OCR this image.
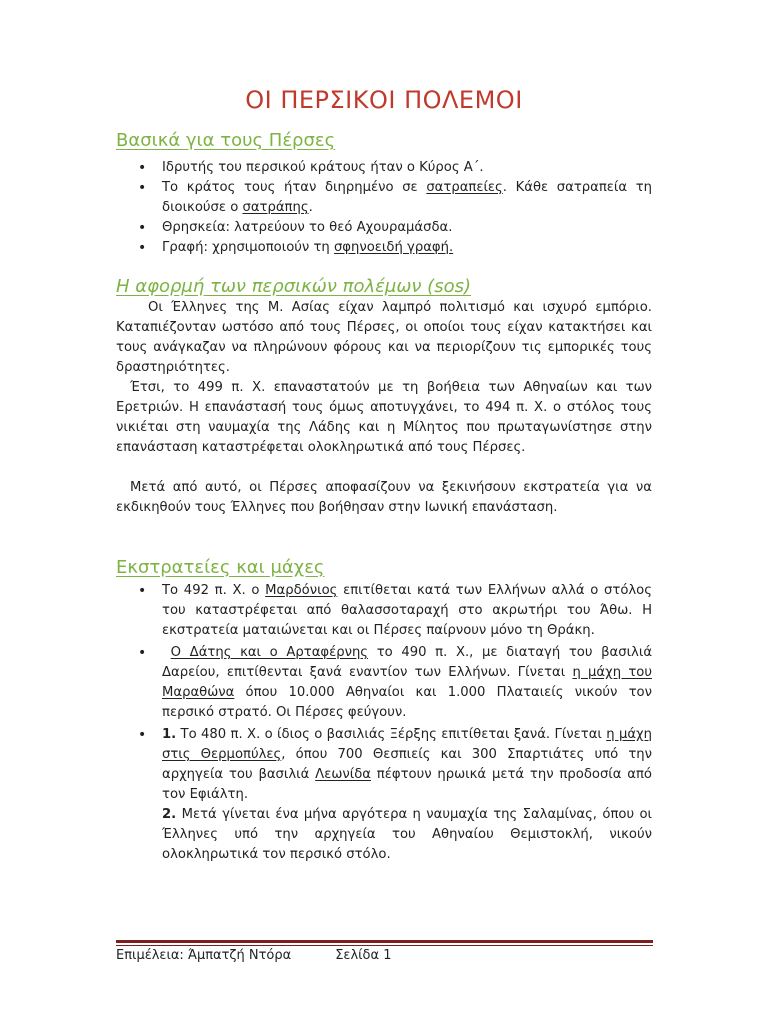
ΟΙ ΠΕΡΣΙΚΟΙ ΠΟΛΕΜΟΙ
Βασικά για τους Πέρσες
• Ιδρυτής του περσικού κράτους ήταν ο Κύρος Α΄.
• Το κράτος τους ήταν διηρημένο σε σατραπείες. Κάθε σατραπεία τη διοικούσε ο σατράπης.
• Θρησκεία: λατρεύουν το θεό Αχουραμάσδα.
• Γραφή: χρησιμοποιούν τη σφηνοειδή γραφή.
Η αφορμή των περσικών πολέμων (sos)

Οι Έλληνες της Μ. Ασίας είχαν λαμπρό πολιτισμό και ισχυρό εμπόριο. Καταπιέζονταν ωστόσο από τους Πέρσες, οι οποίοι τους είχαν κατακτήσει και τους ανάγκαζαν να πληρώνουν φόρους και να περιορίζουν τις εμπορικές τους δραστηριότητες.

Έτσι, το 499 π. Χ. επαναστατούν με τη βοήθεια των Αθηναίων και των Ερετριών. Η επανάστασή τους όμως αποτυγχάνει, το 494 π. Χ. ο στόλος τους νικιέται στη ναυμαχία της Λάδης και η Μίλητος που πρωταγωνίστησε στην επανάσταση καταστρέφεται ολοκληρωτικά από τους Πέρσες.

Μετά από αυτό, οι Πέρσες αποφασίζουν να ξεκινήσουν εκστρατεία για να εκδικηθούν τους Έλληνες που βοήθησαν στην Ιωνική επανάσταση.

Εκστρατείες και μάχες
• Το 492 π. Χ. ο Μαρδόνιος επιτίθεται κατά των Ελλήνων αλλά ο στόλος του καταστρέφεται από θαλασσοταραχή στο ακρωτήρι του Άθω. Η εκστρατεία ματαιώνεται και οι Πέρσες παίρνουν μόνο τη Θράκη.
• Ο Δάτης και ο Αρταφέρνης το 490 π. Χ., με διαταγή του βασιλιά Δαρείου, επιτίθενται ξανά εναντίον των Ελλήνων. Γίνεται η μάχη του Μαραθώνα όπου 10.000 Αθηναίοι και 1.000 Πλαταιείς νικούν τον περσικό στρατό. Οι Πέρσες φεύγουν.
• 1. Το 480 π. Χ. ο ίδιος ο βασιλιάς Ξέρξης επιτίθεται ξανά. Γίνεται η μάχη στις Θερμοπύλες, όπου 700 Θεσπιείς και 300 Σπαρτιάτες υπό την αρχηγεία του βασιλιά Λεωνίδα πέφτουν ηρωικά μετά την προδοσία από τον Εφιάλτη.
2. Μετά γίνεται ένα μήνα αργότερα η ναυμαχία της Σαλαμίνας, όπου οι Έλληνες υπό την αρχηγεία του Αθηναίου Θεμιστοκλή, νικούν ολοκληρωτικά τον περσικό στόλο.
Επιμέλεια: Άμπατζή Ντόρα	Σελίδα 1
